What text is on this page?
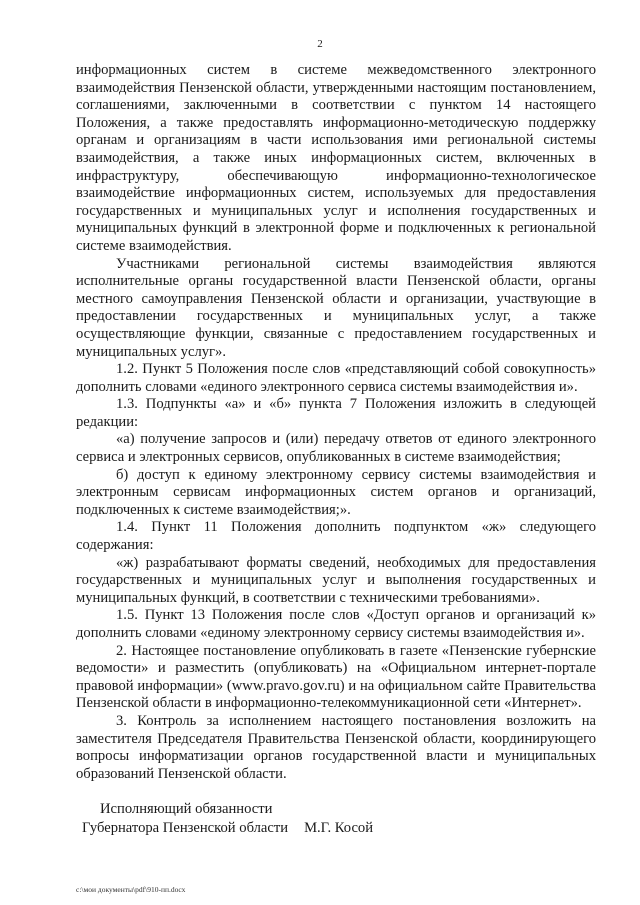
2

информационных систем в системе межведомственного электронного взаимодействия Пензенской области, утвержденными настоящим постановлением, соглашениями, заключенными в соответствии с пунктом 14 настоящего Положения, а также предоставлять информационно-методическую поддержку органам и организациям в части использования ими региональной системы взаимодействия, а также иных информационных систем, включенных в инфраструктуру, обеспечивающую информационно-технологическое взаимодействие информационных систем, используемых для предоставления государственных и муниципальных услуг и исполнения государственных и муниципальных функций в электронной форме и подключенных к региональной системе взаимодействия.

Участниками региональной системы взаимодействия являются исполнительные органы государственной власти Пензенской области, органы местного самоуправления Пензенской области и организации, участвующие в предоставлении государственных и муниципальных услуг, а также осуществляющие функции, связанные с предоставлением государственных и муниципальных услуг».

1.2. Пункт 5 Положения после слов «представляющий собой совокупность» дополнить словами «единого электронного сервиса системы взаимодействия и».

1.3. Подпункты «а» и «б» пункта 7 Положения изложить в следующей редакции:

«а) получение запросов и (или) передачу ответов от единого электронного сервиса и электронных сервисов, опубликованных в системе взаимодействия;

б) доступ к единому электронному сервису системы взаимодействия и электронным сервисам информационных систем органов и организаций, подключенных к системе взаимодействия;».

1.4. Пункт 11 Положения дополнить подпунктом «ж» следующего содержания:

«ж) разрабатывают форматы сведений, необходимых для предоставления государственных и муниципальных услуг и выполнения государственных и муниципальных функций, в соответствии с техническими требованиями».

1.5. Пункт 13 Положения после слов «Доступ органов и организаций к» дополнить словами «единому электронному сервису системы взаимодействия и».

2. Настоящее постановление опубликовать в газете «Пензенские губернские ведомости» и разместить (опубликовать) на «Официальном интернет-портале правовой информации» (www.pravo.gov.ru) и на официальном сайте Правительства Пензенской области в информационно-телекоммуникационной сети «Интернет».

3. Контроль за исполнением настоящего постановления возложить на заместителя Председателя Правительства Пензенской области, координирующего вопросы информатизации органов государственной власти и муниципальных образований Пензенской области.

Исполняющий обязанности
Губернатора Пензенской области М.Г. Косой
c:\мои документы\pdf\910-пп.docx
